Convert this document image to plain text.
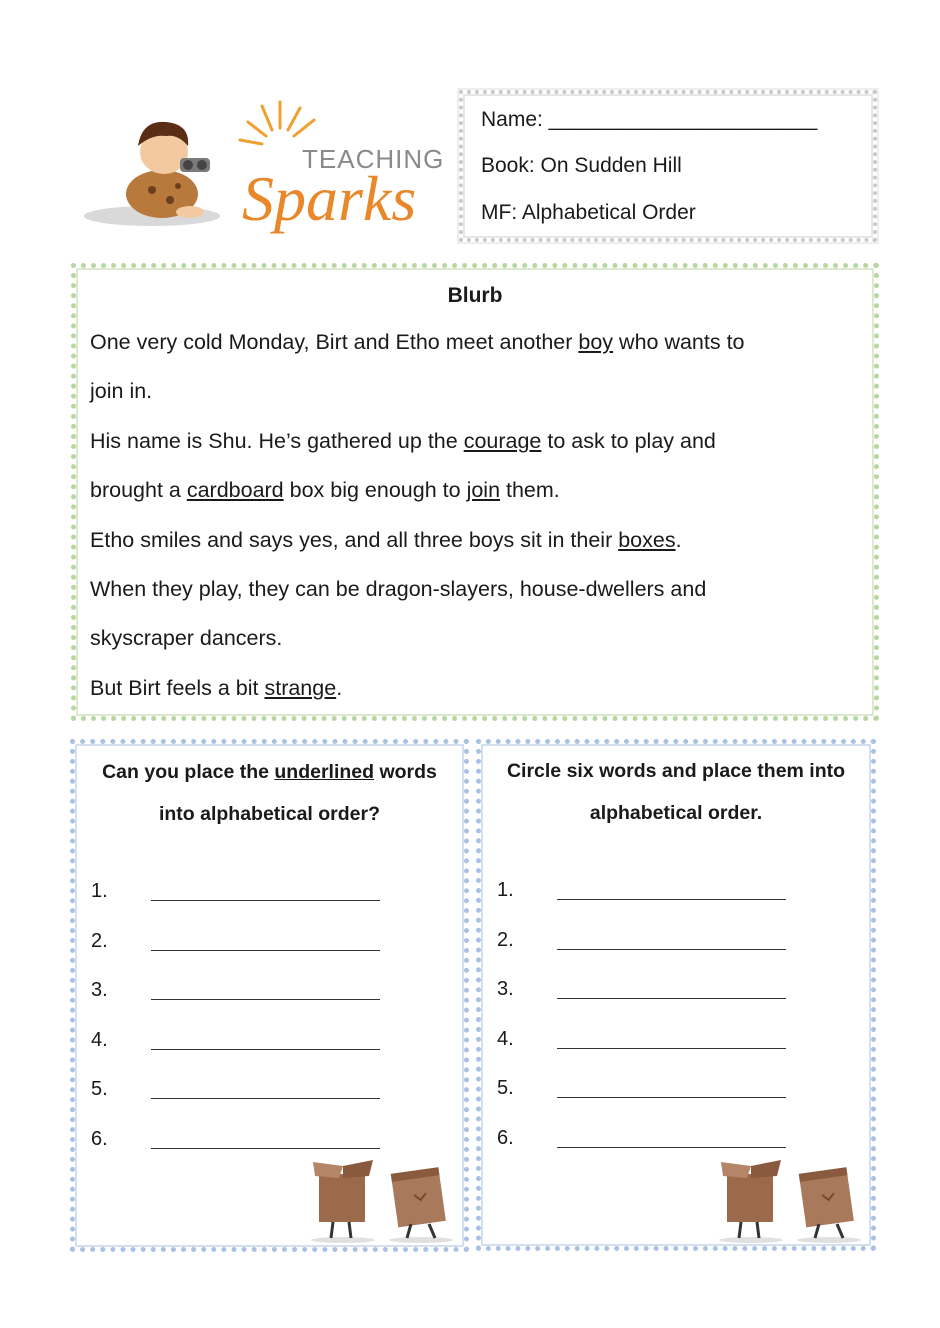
TEACHING
Sparks
Name: _______________________
Book: On Sudden Hill
MF: Alphabetical Order
Blurb
One very cold Monday, Birt and Etho meet another boy who wants to
join in.
His name is Shu. He’s gathered up the courage to ask to play and
brought a cardboard box big enough to join them.
Etho smiles and says yes, and all three boys sit in their boxes.
When they play, they can be dragon-slayers, house-dwellers and
skyscraper dancers.
But Birt feels a bit strange.
Can you place the underlined words
into alphabetical order?
1.
2.
3.
4.
5.
6.
Circle six words and place them into
alphabetical order.
1.
2.
3.
4.
5.
6.
